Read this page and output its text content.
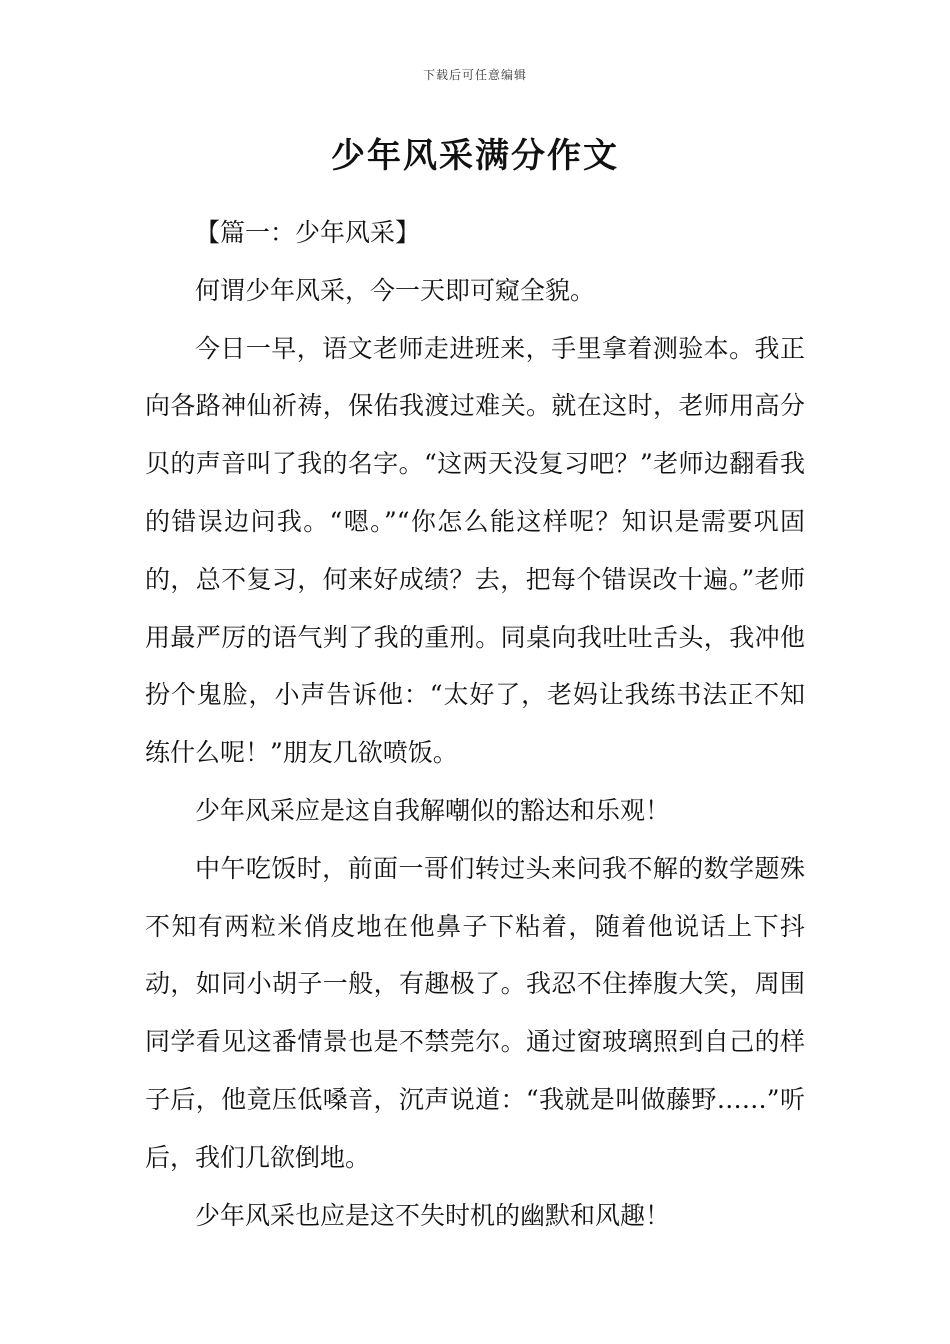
下载后可任意编辑
少年风采满分作文

【篇一：少年风采】

何谓少年风采，今一天即可窥全貌。

今日一早，语文老师走进班来，手里拿着测验本。我正向各路神仙祈祷，保佑我渡过难关。就在这时，老师用高分贝的声音叫了我的名字。“这两天没复习吧？”老师边翻看我的错误边问我。“嗯。”“你怎么能这样呢？知识是需要巩固的，总不复习，何来好成绩？去，把每个错误改十遍。”老师用最严厉的语气判了我的重刑。同桌向我吐吐舌头，我冲他扮个鬼脸，小声告诉他：“太好了，老妈让我练书法正不知练什么呢！”朋友几欲喷饭。

少年风采应是这自我解嘲似的豁达和乐观！

中午吃饭时，前面一哥们转过头来问我不解的数学题殊不知有两粒米俏皮地在他鼻子下粘着，随着他说话上下抖动，如同小胡子一般，有趣极了。我忍不住捧腹大笑，周围同学看见这番情景也是不禁莞尔。通过窗玻璃照到自己的样子后，他竟压低嗓音，沉声说道：“我就是叫做藤野……”听后，我们几欲倒地。

少年风采也应是这不失时机的幽默和风趣！
